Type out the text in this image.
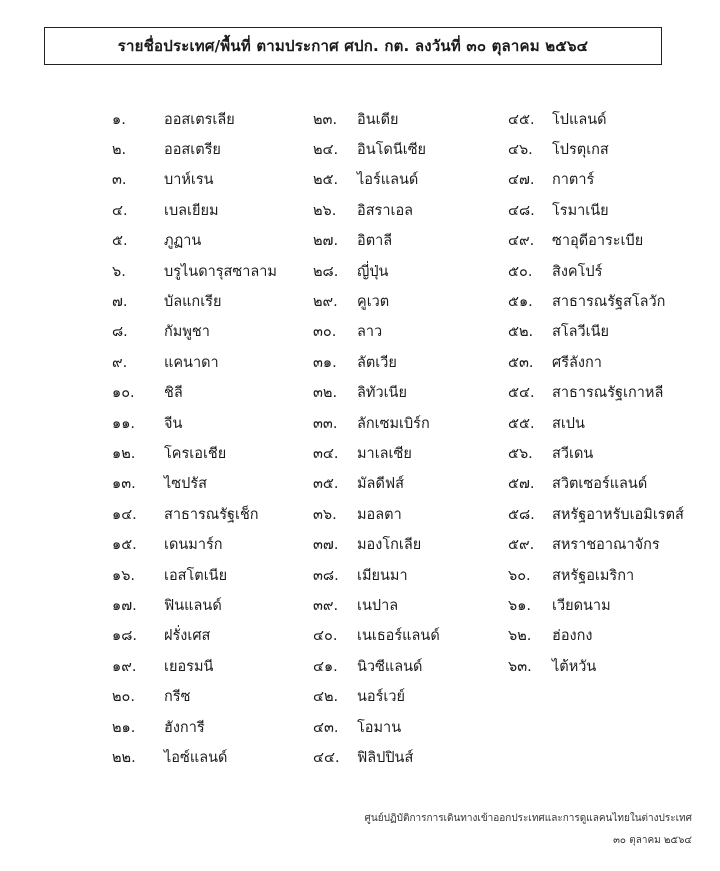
รายชื่อประเทศ/พื้นที่ ตามประกาศ ศปก. กต. ลงวันที่ ๓๐ ตุลาคม ๒๕๖๔
๑.	ออสเตรเลีย
๒.	ออสเตรีย
๓.	บาห์เรน
๔.	เบลเยียม
๕.	ภูฏาน
๖.	บรูไนดารุสซาลาม
๗.	บัลแกเรีย
๘.	กัมพูชา
๙.	แคนาดา
๑๐.	ชิลี
๑๑.	จีน
๑๒.	โครเอเชีย
๑๓.	ไซปรัส
๑๔.	สาธารณรัฐเช็ก
๑๕.	เดนมาร์ก
๑๖.	เอสโตเนีย
๑๗.	ฟินแลนด์
๑๘.	ฝรั่งเศส
๑๙.	เยอรมนี
๒๐.	กรีซ
๒๑.	ฮังการี
๒๒.	ไอซ์แลนด์
๒๓.	อินเดีย
๒๔.	อินโดนีเซีย
๒๕.	ไอร์แลนด์
๒๖.	อิสราเอล
๒๗.	อิตาลี
๒๘.	ญี่ปุ่น
๒๙.	คูเวต
๓๐.	ลาว
๓๑.	ลัตเวีย
๓๒.	ลิทัวเนีย
๓๓.	ลักเซมเบิร์ก
๓๔.	มาเลเซีย
๓๕.	มัลดีฟส์
๓๖.	มอลตา
๓๗.	มองโกเลีย
๓๘.	เมียนมา
๓๙.	เนปาล
๔๐.	เนเธอร์แลนด์
๔๑.	นิวซีแลนด์
๔๒.	นอร์เวย์
๔๓.	โอมาน
๔๔.	ฟิลิปปินส์
๔๕.	โปแลนด์
๔๖.	โปรตุเกส
๔๗.	กาตาร์
๔๘.	โรมาเนีย
๔๙.	ซาอุดีอาระเบีย
๕๐.	สิงคโปร์
๕๑.	สาธารณรัฐสโลวัก
๕๒.	สโลวีเนีย
๕๓.	ศรีลังกา
๕๔.	สาธารณรัฐเกาหลี
๕๕.	สเปน
๕๖.	สวีเดน
๕๗.	สวิตเซอร์แลนด์
๕๘.	สหรัฐอาหรับเอมิเรตส์
๕๙.	สหราชอาณาจักร
๖๐.	สหรัฐอเมริกา
๖๑.	เวียดนาม
๖๒.	ฮ่องกง
๖๓.	ไต้หวัน
ศูนย์ปฏิบัติการการเดินทางเข้าออกประเทศและการดูแลคนไทยในต่างประเทศ
๓๐ ตุลาคม ๒๕๖๔
